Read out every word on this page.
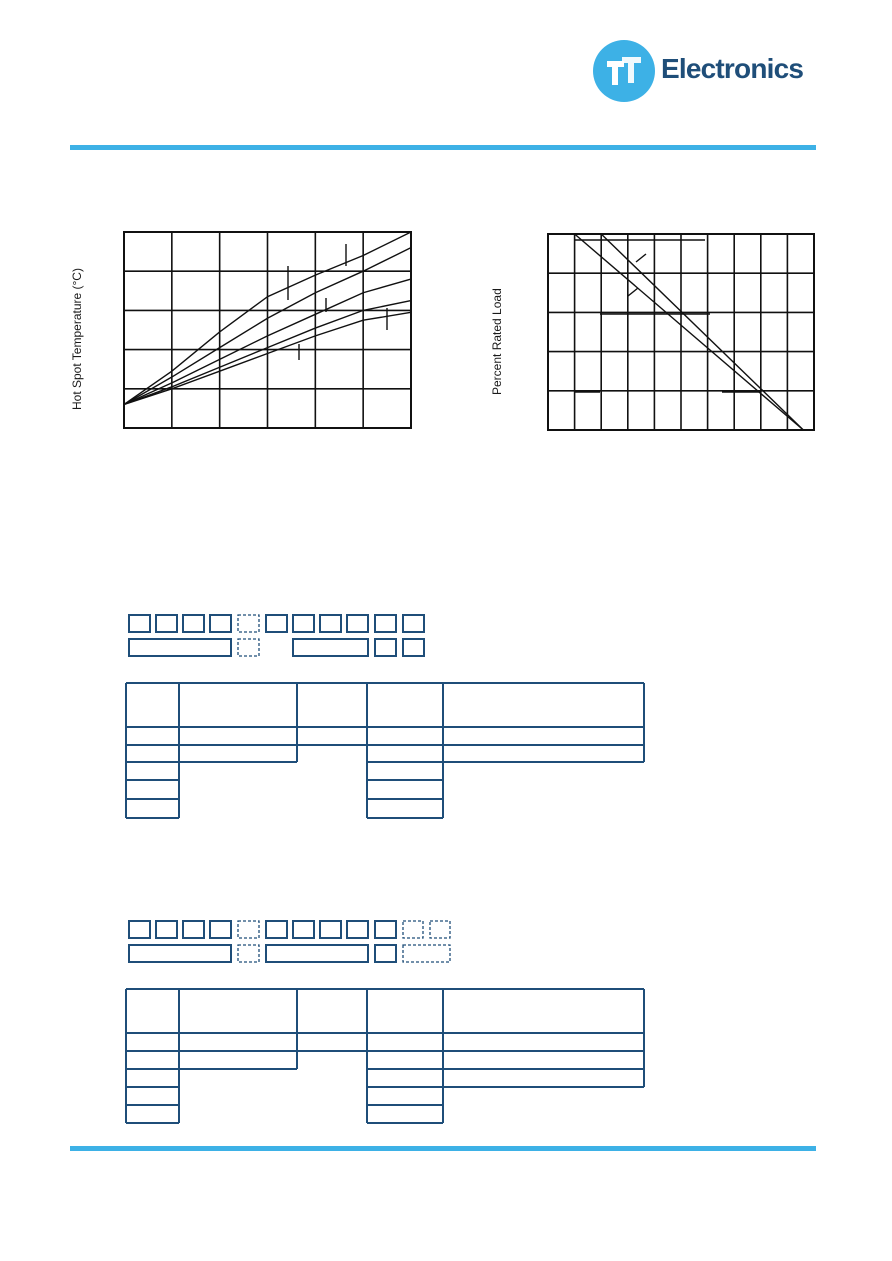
Electronics
Hot Spot Temperature (°C)	Percent Rated Load
